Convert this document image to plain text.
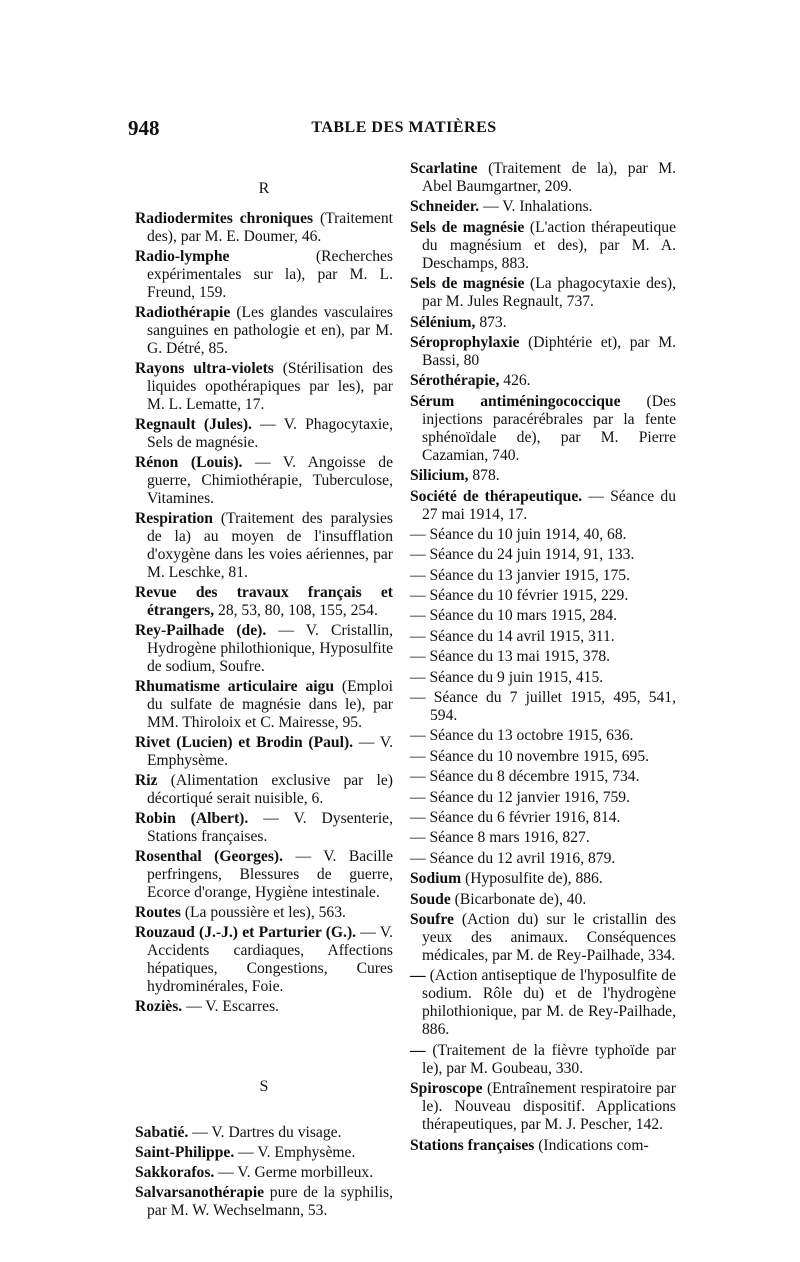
948	TABLE DES MATIÈRES
R

Radiodermites chroniques (Traitement des), par M. E. Doumer, 46.

Radio-lymphe (Recherches expérimentales sur la), par M. L. Freund, 159.

Radiothérapie (Les glandes vasculaires sanguines en pathologie et en), par M. G. Détré, 85.

Rayons ultra-violets (Stérilisation des liquides opothérapiques par les), par M. L. Lematte, 17.

Regnault (Jules). — V. Phagocytaxie, Sels de magnésie.

Rénon (Louis). — V. Angoisse de guerre, Chimiothérapie, Tuberculose, Vitamines.

Respiration (Traitement des paralysies de la) au moyen de l'insufflation d'oxygène dans les voies aériennes, par M. Leschke, 81.

Revue des travaux français et étrangers, 28, 53, 80, 108, 155, 254.

Rey-Pailhade (de). — V. Cristallin, Hydrogène philothionique, Hyposulfite de sodium, Soufre.

Rhumatisme articulaire aigu (Emploi du sulfate de magnésie dans le), par MM. Thiroloix et C. Mairesse, 95.

Rivet (Lucien) et Brodin (Paul). — V. Emphysème.

Riz (Alimentation exclusive par le) décortiqué serait nuisible, 6.

Robin (Albert). — V. Dysenterie, Stations françaises.

Rosenthal (Georges). — V. Bacille perfringens, Blessures de guerre, Ecorce d'orange, Hygiène intestinale.

Routes (La poussière et les), 563.

Rouzaud (J.-J.) et Parturier (G.). — V. Accidents cardiaques, Affections hépatiques, Congestions, Cures hydrominérales, Foie.

Roziès. — V. Escarres.

S

Sabatié. — V. Dartres du visage.

Saint-Philippe. — V. Emphysème.

Sakkorafos. — V. Germe morbilleux.

Salvarsanothérapie pure de la syphilis, par M. W. Wechselmann, 53.

Scarlatine (Traitement de la), par M. Abel Baumgartner, 209.

Schneider. — V. Inhalations.

Sels de magnésie (L'action thérapeutique du magnésium et des), par M. A. Deschamps, 883.

Sels de magnésie (La phagocytaxie des), par M. Jules Regnault, 737.

Sélénium, 873.

Séroprophylaxie (Diphtérie et), par M. Bassi, 80

Sérothérapie, 426.

Sérum antiméningococcique (Des injections paracérébrales par la fente sphénoïdale de), par M. Pierre Cazamian, 740.

Silicium, 878.

Société de thérapeutique. — Séance du 27 mai 1914, 17.

— Séance du 10 juin 1914, 40, 68.

— Séance du 24 juin 1914, 91, 133.

— Séance du 13 janvier 1915, 175.

— Séance du 10 février 1915, 229.

— Séance du 10 mars 1915, 284.

— Séance du 14 avril 1915, 311.

— Séance du 13 mai 1915, 378.

— Séance du 9 juin 1915, 415.

— Séance du 7 juillet 1915, 495, 541, 594.

— Séance du 13 octobre 1915, 636.

— Séance du 10 novembre 1915, 695.

— Séance du 8 décembre 1915, 734.

— Séance du 12 janvier 1916, 759.

— Séance du 6 février 1916, 814.

— Séance 8 mars 1916, 827.

— Séance du 12 avril 1916, 879.

Sodium (Hyposulfite de), 886.

Soude (Bicarbonate de), 40.

Soufre (Action du) sur le cristallin des yeux des animaux. Conséquences médicales, par M. de Rey-Pailhade, 334.

— (Action antiseptique de l'hyposulfite de sodium. Rôle du) et de l'hydrogène philothionique, par M. de Rey-Pailhade, 886.

— (Traitement de la fièvre typhoïde par le), par M. Goubeau, 330.

Spiroscope (Entraînement respiratoire par le). Nouveau dispositif. Applications thérapeutiques, par M. J. Pescher, 142.

Stations françaises (Indications com-
